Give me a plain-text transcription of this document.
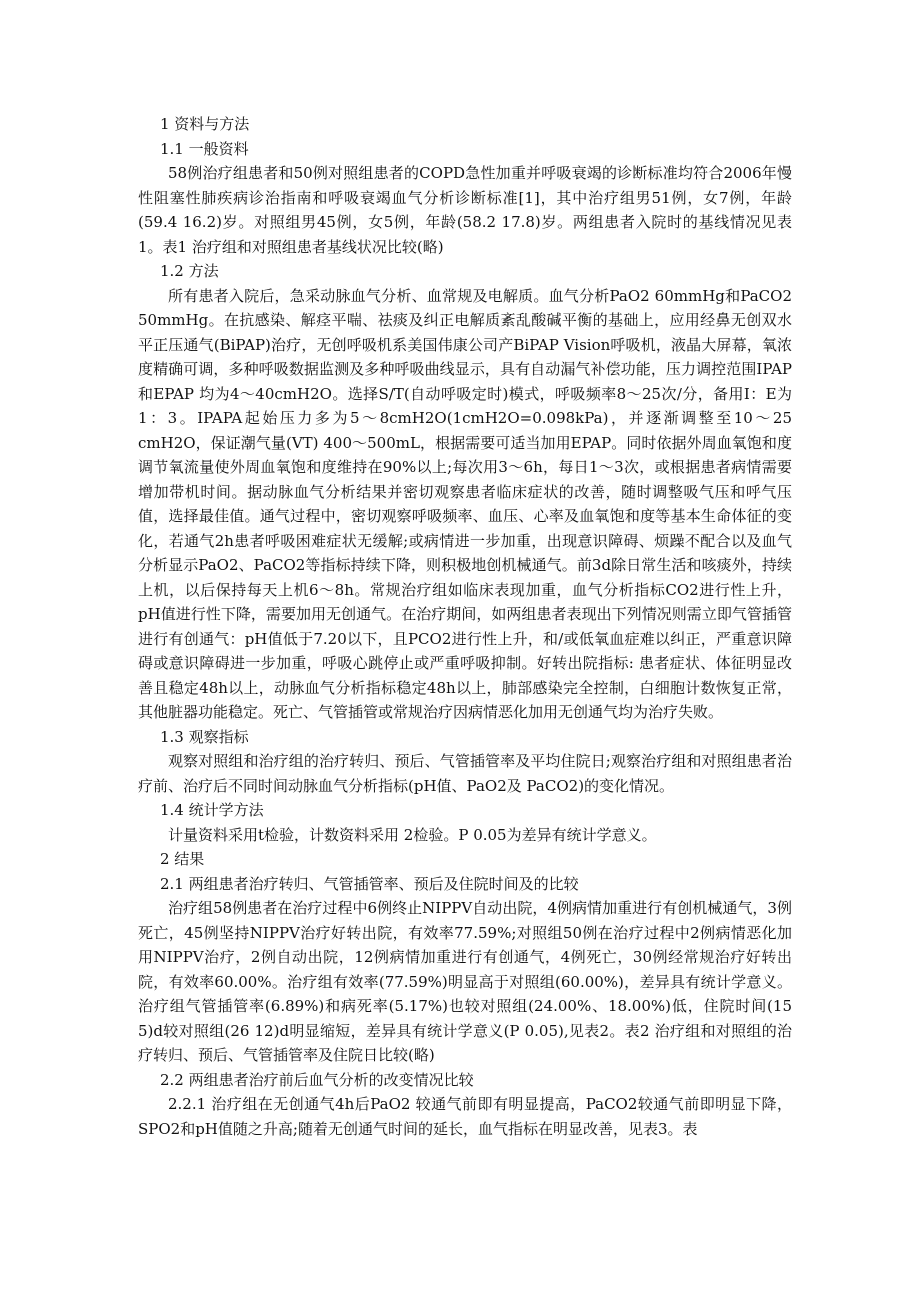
1 资料与方法

1.1 一般资料

58例治疗组患者和50例对照组患者的COPD急性加重并呼吸衰竭的诊断标准均符合2006年慢性阻塞性肺疾病诊治指南和呼吸衰竭血气分析诊断标准[1]，其中治疗组男51例，女7例，年龄(59.4 16.2)岁。对照组男45例，女5例，年龄(58.2 17.8)岁。两组患者入院时的基线情况见表1。表1 治疗组和对照组患者基线状况比较(略)

1.2 方法

所有患者入院后，急采动脉血气分析、血常规及电解质。血气分析PaO2 60mmHg和PaCO2 50mmHg。在抗感染、解痉平喘、祛痰及纠正电解质紊乱酸碱平衡的基础上，应用经鼻无创双水平正压通气(BiPAP)治疗，无创呼吸机系美国伟康公司产BiPAP Vision呼吸机，液晶大屏幕，氧浓度精确可调，多种呼吸数据监测及多种呼吸曲线显示，具有自动漏气补偿功能，压力调控范围IPAP和EPAP 均为4～40cmH2O。选择S/T(自动呼吸定时)模式，呼吸频率8～25次/分，备用I：E为1：3。IPAPA起始压力多为5～8cmH2O(1cmH2O=0.098kPa)，并逐渐调整至10～25 cmH2O，保证潮气量(VT) 400～500mL，根据需要可适当加用EPAP。同时依据外周血氧饱和度调节氧流量使外周血氧饱和度维持在90%以上;每次用3～6h，每日1～3次，或根据患者病情需要增加带机时间。据动脉血气分析结果并密切观察患者临床症状的改善，随时调整吸气压和呼气压值，选择最佳值。通气过程中，密切观察呼吸频率、血压、心率及血氧饱和度等基本生命体征的变化，若通气2h患者呼吸困难症状无缓解;或病情进一步加重，出现意识障碍、烦躁不配合以及血气分析显示PaO2、PaCO2等指标持续下降，则积极地创机械通气。前3d除日常生活和咳痰外，持续上机，以后保持每天上机6～8h。常规治疗组如临床表现加重，血气分析指标CO2进行性上升，pH值进行性下降，需要加用无创通气。在治疗期间，如两组患者表现出下列情况则需立即气管插管进行有创通气：pH值低于7.20以下，且PCO2进行性上升，和/或低氧血症难以纠正，严重意识障碍或意识障碍进一步加重，呼吸心跳停止或严重呼吸抑制。好转出院指标: 患者症状、体征明显改善且稳定48h以上，动脉血气分析指标稳定48h以上，肺部感染完全控制，白细胞计数恢复正常，其他脏器功能稳定。死亡、气管插管或常规治疗因病情恶化加用无创通气均为治疗失败。

1.3 观察指标

观察对照组和治疗组的治疗转归、预后、气管插管率及平均住院日;观察治疗组和对照组患者治疗前、治疗后不同时间动脉血气分析指标(pH值、PaO2及 PaCO2)的变化情况。

1.4 统计学方法

计量资料采用t检验，计数资料采用 2检验。P 0.05为差异有统计学意义。

2 结果

2.1 两组患者治疗转归、气管插管率、预后及住院时间及的比较

治疗组58例患者在治疗过程中6例终止NIPPV自动出院，4例病情加重进行有创机械通气，3例死亡，45例坚持NIPPV治疗好转出院，有效率77.59%;对照组50例在治疗过程中2例病情恶化加用NIPPV治疗，2例自动出院，12例病情加重进行有创通气，4例死亡，30例经常规治疗好转出院，有效率60.00%。治疗组有效率(77.59%)明显高于对照组(60.00%)，差异具有统计学意义。治疗组气管插管率(6.89%)和病死率(5.17%)也较对照组(24.00%、18.00%)低，住院时间(15 5)d较对照组(26 12)d明显缩短，差异具有统计学意义(P 0.05),见表2。表2 治疗组和对照组的治疗转归、预后、气管插管率及住院日比较(略)

2.2 两组患者治疗前后血气分析的改变情况比较

2.2.1 治疗组在无创通气4h后PaO2 较通气前即有明显提高，PaCO2较通气前即明显下降，SPO2和pH值随之升高;随着无创通气时间的延长，血气指标在明显改善，见表3。表
